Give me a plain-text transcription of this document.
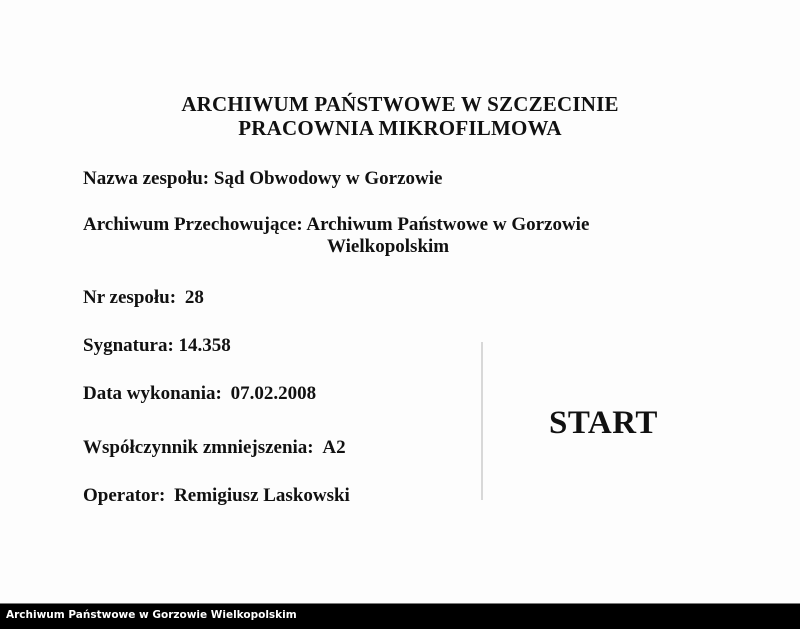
ARCHIWUM PAŃSTWOWE W SZCZECINIE
PRACOWNIA MIKROFILMOWA
Nazwa zespołu: Sąd Obwodowy w Gorzowie
Archiwum Przechowujące: Archiwum Państwowe w Gorzowie
Wielkopolskim
Nr zespołu: 28
Sygnatura: 14.358
Data wykonania: 07.02.2008
Współczynnik zmniejszenia: A2
Operator: Remigiusz Laskowski
START
Archiwum Państwowe w Gorzowie Wielkopolskim
